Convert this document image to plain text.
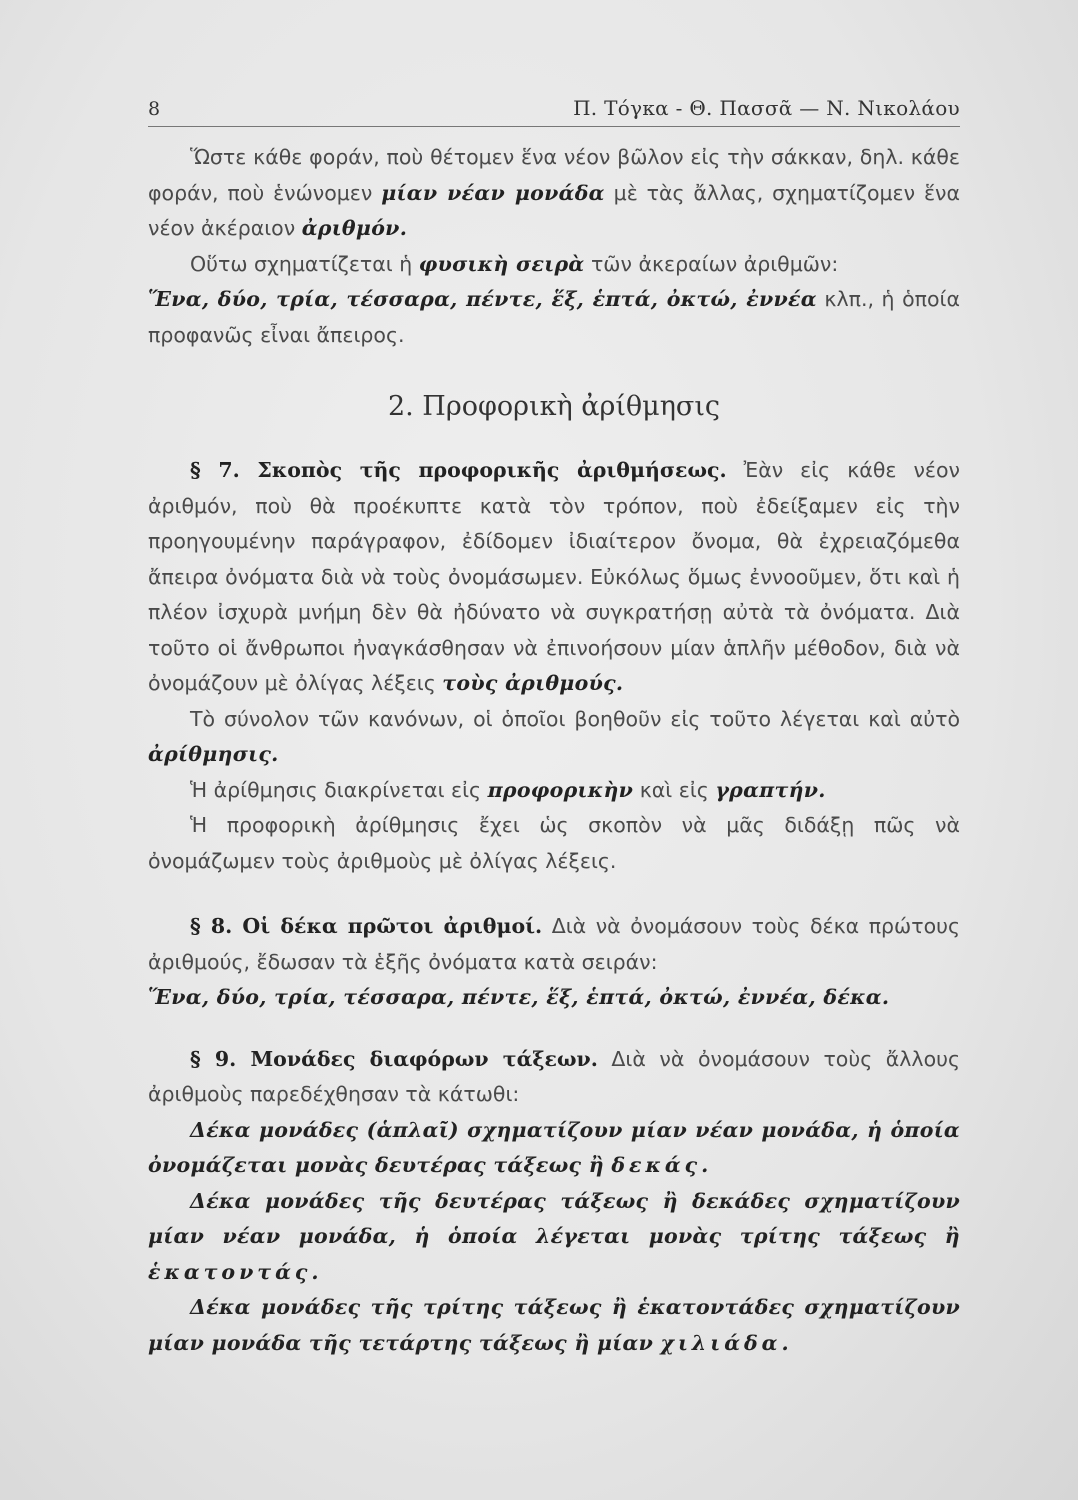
8	Π. Τόγκα - Θ. Πασσᾶ — Ν. Νικολάου

Ὥστε κάθε φοράν, ποὺ θέτομεν ἕνα νέον βῶλον εἰς τὴν σάκκαν, δηλ. κάθε φοράν, ποὺ ἑνώνομεν μίαν νέαν μονάδα μὲ τὰς ἄλλας, σχηματίζομεν ἕνα νέον ἀκέραιον ἀριθμόν.

Οὕτω σχηματίζεται ἡ φυσικὴ σειρὰ τῶν ἀκεραίων ἀριθμῶν:
Ἕνα, δύο, τρία, τέσσαρα, πέντε, ἕξ, ἑπτά, ὀκτώ, ἐννέα κλπ., ἡ ὁποία προφανῶς εἶναι ἄπειρος.

2. Προφορικὴ ἀρίθμησις

§ 7. Σκοπὸς τῆς προφορικῆς ἀριθμήσεως. Ἐὰν εἰς κάθε νέον ἀριθμόν, ποὺ θὰ προέκυπτε κατὰ τὸν τρόπον, ποὺ ἐδείξαμεν εἰς τὴν προηγουμένην παράγραφον, ἐδίδομεν ἰδιαίτερον ὄνομα, θὰ ἐχρειαζόμεθα ἄπειρα ὀνόματα διὰ νὰ τοὺς ὀνομάσωμεν. Εὐκόλως ὅμως ἐννοοῦμεν, ὅτι καὶ ἡ πλέον ἰσχυρὰ μνήμη δὲν θὰ ἠδύνατο νὰ συγκρατήσῃ αὐτὰ τὰ ὀνόματα. Διὰ τοῦτο οἱ ἄνθρωποι ἠναγκάσθησαν νὰ ἐπινοήσουν μίαν ἁπλῆν μέθοδον, διὰ νὰ ὀνομάζουν μὲ ὀλίγας λέξεις τοὺς ἀριθμούς.

Τὸ σύνολον τῶν κανόνων, οἱ ὁποῖοι βοηθοῦν εἰς τοῦτο λέγεται καὶ αὐτὸ ἀρίθμησις.

Ἡ ἀρίθμησις διακρίνεται εἰς προφορικὴν καὶ εἰς γραπτήν.

Ἡ προφορικὴ ἀρίθμησις ἔχει ὡς σκοπὸν νὰ μᾶς διδάξῃ πῶς νὰ ὀνομάζωμεν τοὺς ἀριθμοὺς μὲ ὀλίγας λέξεις.

§ 8. Οἱ δέκα πρῶτοι ἀριθμοί. Διὰ νὰ ὀνομάσουν τοὺς δέκα πρώτους ἀριθμούς, ἔδωσαν τὰ ἑξῆς ὀνόματα κατὰ σειράν:
Ἕνα, δύο, τρία, τέσσαρα, πέντε, ἕξ, ἑπτά, ὀκτώ, ἐννέα, δέκα.

§ 9. Μονάδες διαφόρων τάξεων. Διὰ νὰ ὀνομάσουν τοὺς ἄλλους ἀριθμοὺς παρεδέχθησαν τὰ κάτωθι:

Δέκα μονάδες (ἁπλαῖ) σχηματίζουν μίαν νέαν μονάδα, ἡ ὁποία ὀνομάζεται μονὰς δευτέρας τάξεως ἢ δεκάς.

Δέκα μονάδες τῆς δευτέρας τάξεως ἢ δεκάδες σχηματίζουν μίαν νέαν μονάδα, ἡ ὁποία λέγεται μονὰς τρίτης τάξεως ἢ ἑκατοντάς.

Δέκα μονάδες τῆς τρίτης τάξεως ἢ ἑκατοντάδες σχηματίζουν μίαν μονάδα τῆς τετάρτης τάξεως ἢ μίαν χιλιάδα.
